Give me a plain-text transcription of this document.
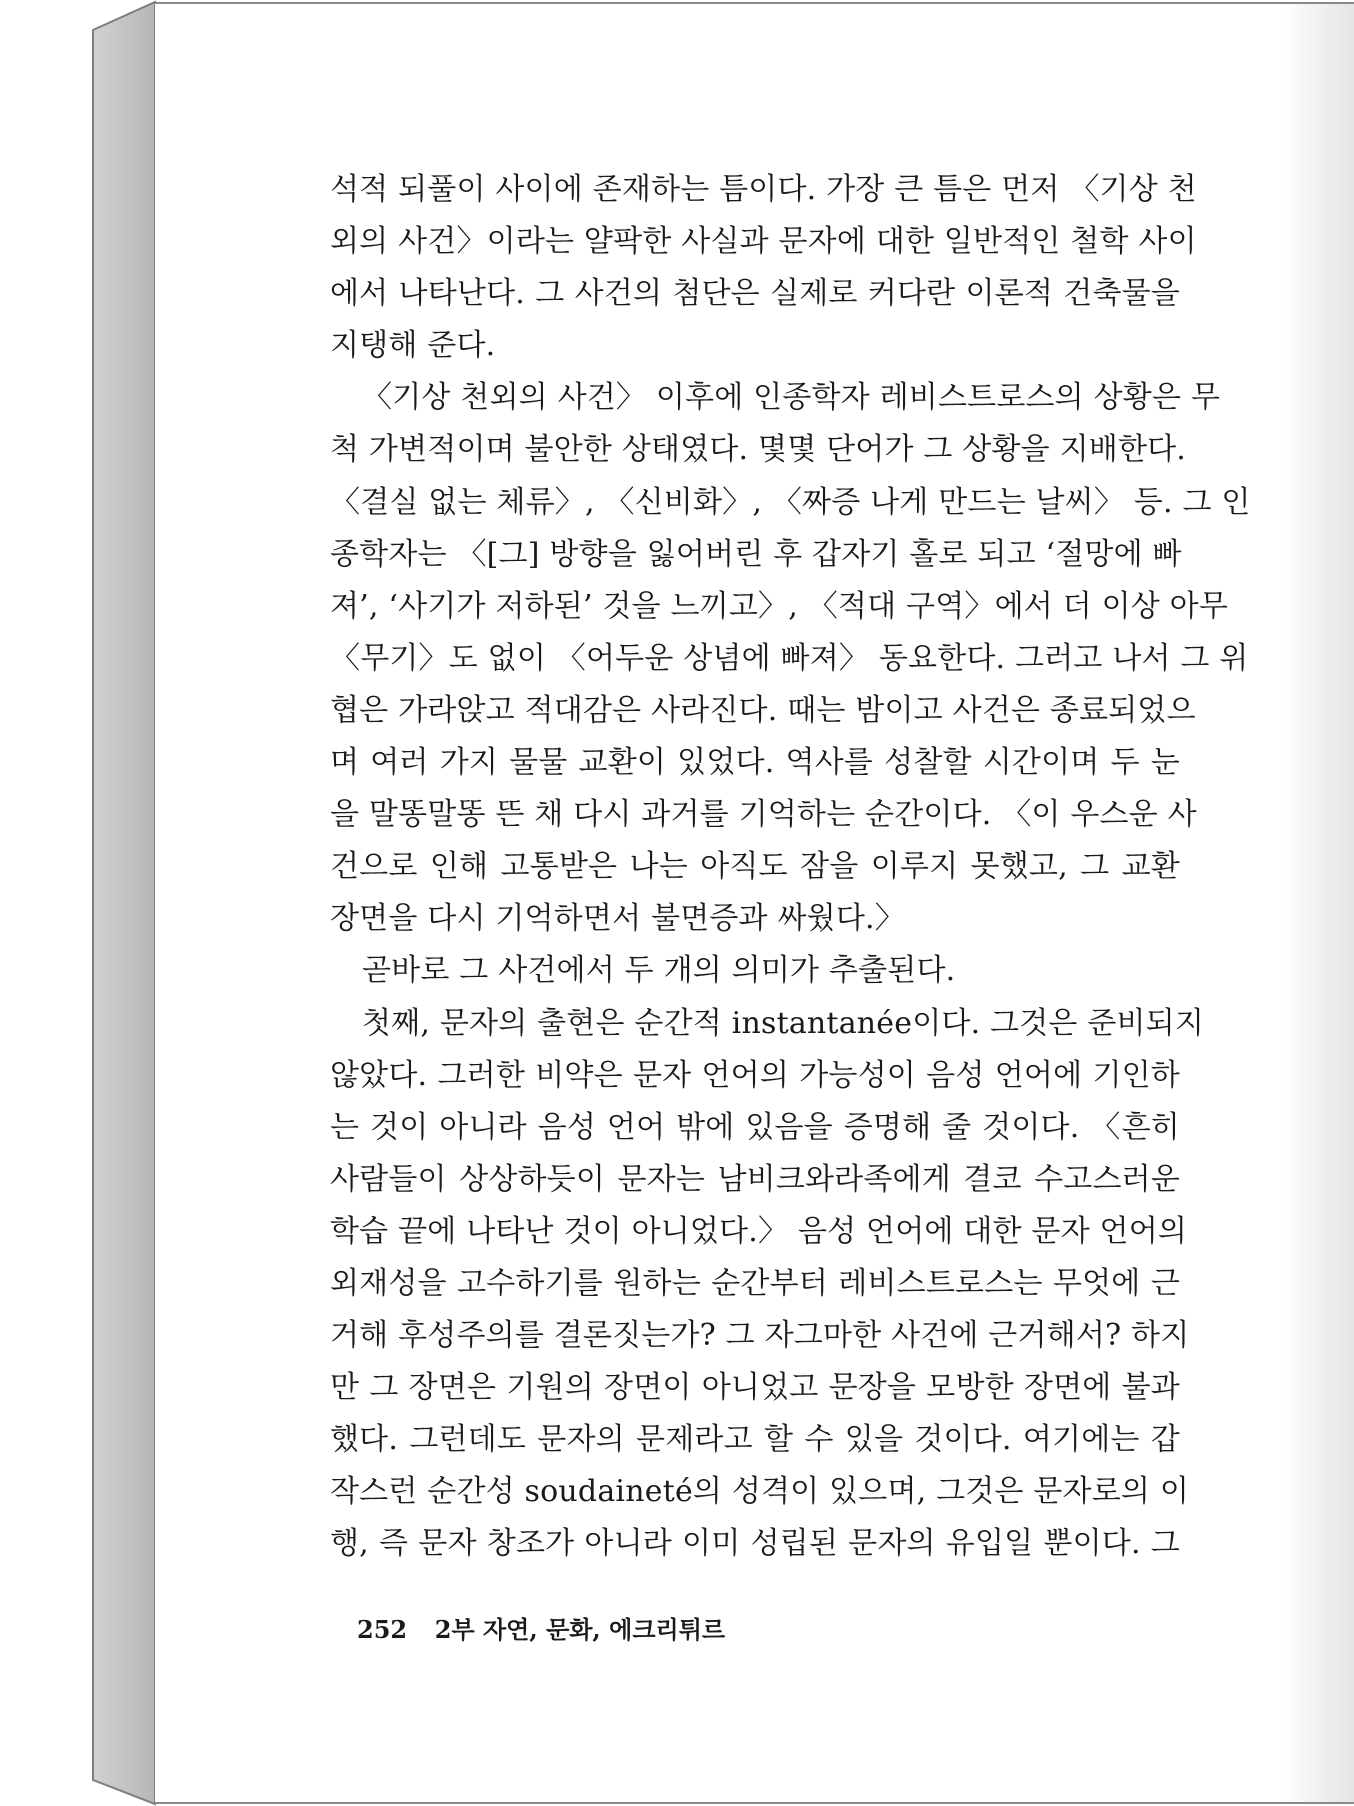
석적 되풀이 사이에 존재하는 틈이다. 가장 큰 틈은 먼저 〈기상 천
외의 사건〉이라는 얄팍한 사실과 문자에 대한 일반적인 철학 사이
에서 나타난다. 그 사건의 첨단은 실제로 커다란 이론적 건축물을
지탱해 준다.
〈기상 천외의 사건〉 이후에 인종학자 레비스트로스의 상황은 무
척 가변적이며 불안한 상태였다. 몇몇 단어가 그 상황을 지배한다.
〈결실 없는 체류〉, 〈신비화〉, 〈짜증 나게 만드는 날씨〉 등. 그 인
종학자는 〈[그] 방향을 잃어버린 후 갑자기 홀로 되고 ‘절망에 빠
져’, ‘사기가 저하된’ 것을 느끼고〉, 〈적대 구역〉에서 더 이상 아무
〈무기〉도 없이 〈어두운 상념에 빠져〉 동요한다. 그러고 나서 그 위
협은 가라앉고 적대감은 사라진다. 때는 밤이고 사건은 종료되었으
며 여러 가지 물물 교환이 있었다. 역사를 성찰할 시간이며 두 눈
을 말똥말똥 뜬 채 다시 과거를 기억하는 순간이다. 〈이 우스운 사
건으로 인해 고통받은 나는 아직도 잠을 이루지 못했고, 그 교환
장면을 다시 기억하면서 불면증과 싸웠다.〉
곧바로 그 사건에서 두 개의 의미가 추출된다.
첫째, 문자의 출현은 순간적 instantanée이다. 그것은 준비되지
않았다. 그러한 비약은 문자 언어의 가능성이 음성 언어에 기인하
는 것이 아니라 음성 언어 밖에 있음을 증명해 줄 것이다. 〈흔히
사람들이 상상하듯이 문자는 남비크와라족에게 결코 수고스러운
학습 끝에 나타난 것이 아니었다.〉 음성 언어에 대한 문자 언어의
외재성을 고수하기를 원하는 순간부터 레비스트로스는 무엇에 근
거해 후성주의를 결론짓는가? 그 자그마한 사건에 근거해서? 하지
만 그 장면은 기원의 장면이 아니었고 문장을 모방한 장면에 불과
했다. 그런데도 문자의 문제라고 할 수 있을 것이다. 여기에는 갑
작스런 순간성 soudaineté의 성격이 있으며, 그것은 문자로의 이
행, 즉 문자 창조가 아니라 이미 성립된 문자의 유입일 뿐이다. 그
252 2부 자연, 문화, 에크리튀르
